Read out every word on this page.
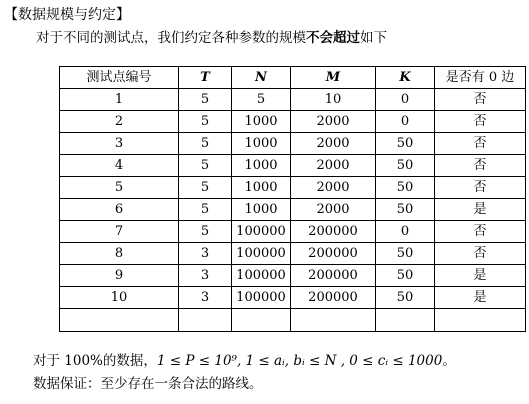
【数据规模与约定】
对于不同的测试点，我们约定各种参数的规模不会超过如下
测试点编号	T	N	M	K	是否有 0 边
1	5	5	10	0	否
2	5	1000	2000	0	否
3	5	1000	2000	50	否
4	5	1000	2000	50	否
5	5	1000	2000	50	否
6	5	1000	2000	50	是
7	5	100000	200000	0	否
8	3	100000	200000	50	否
9	3	100000	200000	50	是
10	3	100000	200000	50	是

对于 100%的数据，1 ≤ P ≤ 10⁹, 1 ≤ aᵢ, bᵢ ≤ N , 0 ≤ cᵢ ≤ 1000。
数据保证：至少存在一条合法的路线。
